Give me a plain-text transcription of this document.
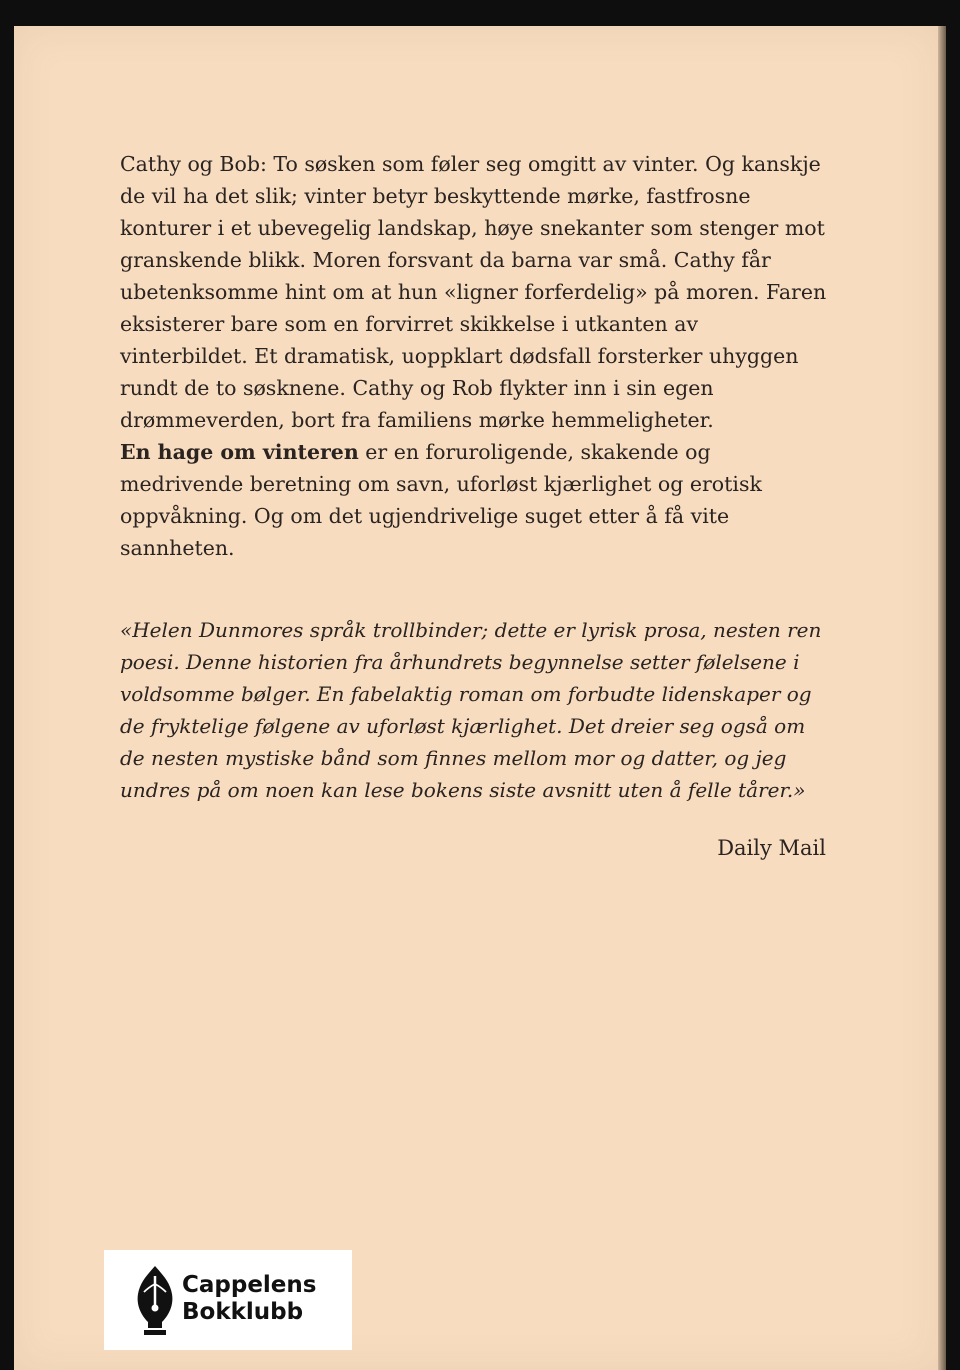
Cathy og Bob: To søsken som føler seg omgitt av vinter. Og kanskje de vil ha det slik; vinter betyr beskyttende mørke, fastfrosne konturer i et ubevegelig landskap, høye snekanter som stenger mot granskende blikk. Moren forsvant da barna var små. Cathy får ubetenksomme hint om at hun «ligner forferdelig» på moren. Faren eksisterer bare som en forvirret skikkelse i utkanten av vinterbildet. Et dramatisk, uoppklart dødsfall forsterker uhyggen rundt de to søsknene. Cathy og Rob flykter inn i sin egen drømmeverden, bort fra familiens mørke hemmeligheter.

En hage om vinteren er en foruroligende, skakende og medrivende beretning om savn, uforløst kjærlighet og erotisk oppvåkning. Og om det ugjendrivelige suget etter å få vite sannheten.

«Helen Dunmores språk trollbinder; dette er lyrisk prosa, nesten ren poesi. Denne historien fra århundrets begynnelse setter følelsene i voldsomme bølger. En fabelaktig roman om forbudte lidenskaper og de fryktelige følgene av uforløst kjærlighet. Det dreier seg også om de nesten mystiske bånd som finnes mellom mor og datter, og jeg undres på om noen kan lese bokens siste avsnitt uten å felle tårer.»

Daily Mail
Cappelens
Bokklubb
